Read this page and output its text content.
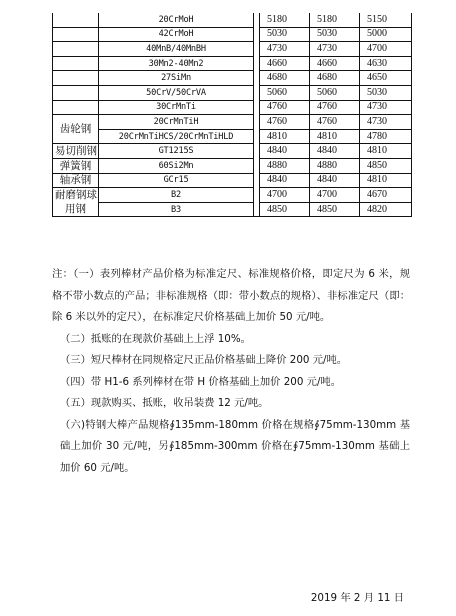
	20CrMoH		5180	5180	5150
	42CrMoH		5030	5030	5000
	40MnB/40MnBH		4730	4730	4700
	30Mn2-40Mn2		4660	4660	4630
	27SiMn		4680	4680	4650
	50CrV/50CrVA		5060	5060	5030
	30CrMnTi		4760	4760	4730
齿轮钢	20CrMnTiH		4760	4760	4730
	20CrMnTiHCS/20CrMnTiHLD		4810	4810	4780
易切削钢	GT1215S		4840	4840	4810
弹簧钢	60Si2Mn		4880	4880	4850
轴承钢	GCr15		4840	4840	4810
耐磨钢球	B2		4700	4700	4670
用钢	B3		4850	4850	4820

注：（一）表列棒材产品价格为标准定尺、标准规格价格，即定尺为 6 米，规格不带小数点的产品；非标准规格（即：带小数点的规格）、非标准定尺（即：除 6 米以外的定尺），在标准定尺价格基础上加价 50 元/吨。

（二）抵账的在现款价基础上上浮 10%。

（三）短尺棒材在同规格定尺正品价格基础上降价 200 元/吨。

（四）带 H1-6 系列棒材在带 H 价格基础上加价 200 元/吨。

（五）现款购买、抵账，收吊装费 12 元/吨。

（六)特钢大棒产品规格∮135mm-180mm 价格在规格∮75mm-130mm 基础上加价 30 元/吨，另∮185mm-300mm 价格在∮75mm-130mm 基础上加价 60 元/吨。

2019 年 2 月 11 日
